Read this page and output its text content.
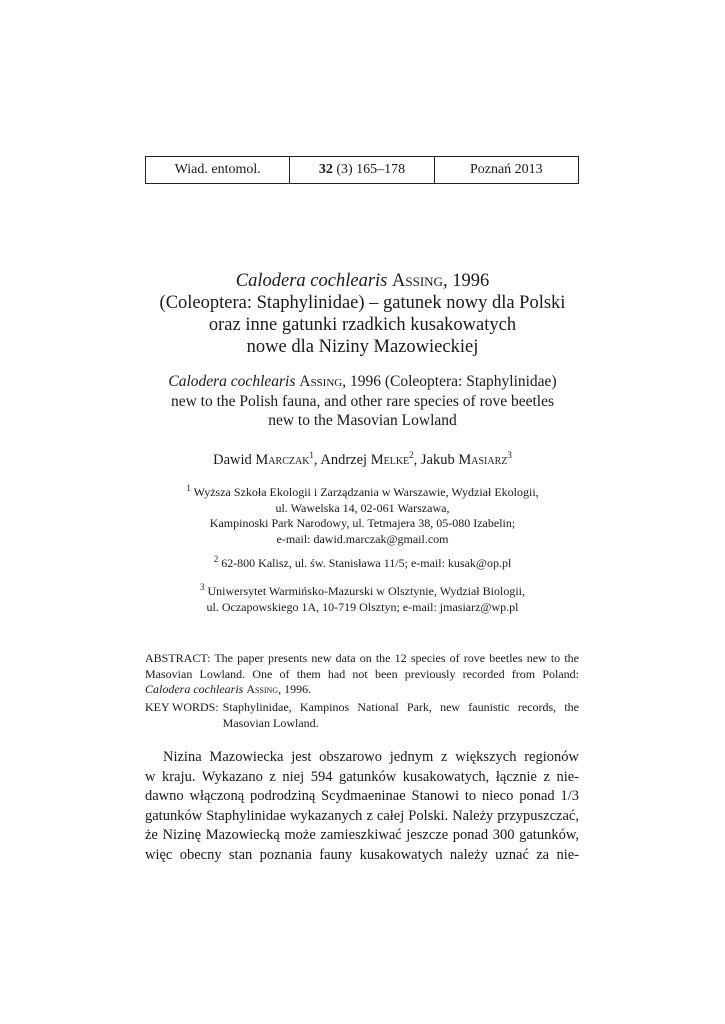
Wiad. entomol.	32 (3) 165–178	Poznań 2013
Calodera cochlearis Assing, 1996
(Coleoptera: Staphylinidae) – gatunek nowy dla Polski
oraz inne gatunki rzadkich kusakowatych
nowe dla Niziny Mazowieckiej
Calodera cochlearis Assing, 1996 (Coleoptera: Staphylinidae)
new to the Polish fauna, and other rare species of rove beetles
new to the Masovian Lowland
Dawid Marczak$^1$, Andrzej Melke$^2$, Jakub Masiarz$^3$
$^1$ Wyższa Szkoła Ekologii i Zarządzania w Warszawie, Wydział Ekologii,
ul. Wawelska 14, 02-061 Warszawa,
Kampinoski Park Narodowy, ul. Tetmajera 38, 05-080 Izabelin;
e-mail: dawid.marczak@gmail.com
$^2$ 62-800 Kalisz, ul. św. Stanisława 11/5; e-mail: kusak@op.pl
$^3$ Uniwersytet Warmińsko-Mazurski w Olsztynie, Wydział Biologii,
ul. Oczapowskiego 1A, 10-719 Olsztyn; e-mail: jmasiarz@wp.pl
ABSTRACT: The paper presents new data on the 12 species of rove beetles new to the Masovian Lowland. One of them had not been previously recorded from Poland: Calodera cochlearis Assing, 1996.
KEY WORDS: Staphylinidae, Kampinos National Park, new faunistic records, the Masovian Lowland.
Nizina Mazowiecka jest obszarowo jednym z większych regionów
w kraju. Wykazano z niej 594 gatunków kusakowatych, łącznie z nie-
dawno włączoną podrodziną Scydmaeninae Stanowi to nieco ponad 1/3
gatunków Staphylinidae wykazanych z całej Polski. Należy przypuszczać,
że Nizinę Mazowiecką może zamieszkiwać jeszcze ponad 300 gatunków,
więc obecny stan poznania fauny kusakowatych należy uznać za nie-
